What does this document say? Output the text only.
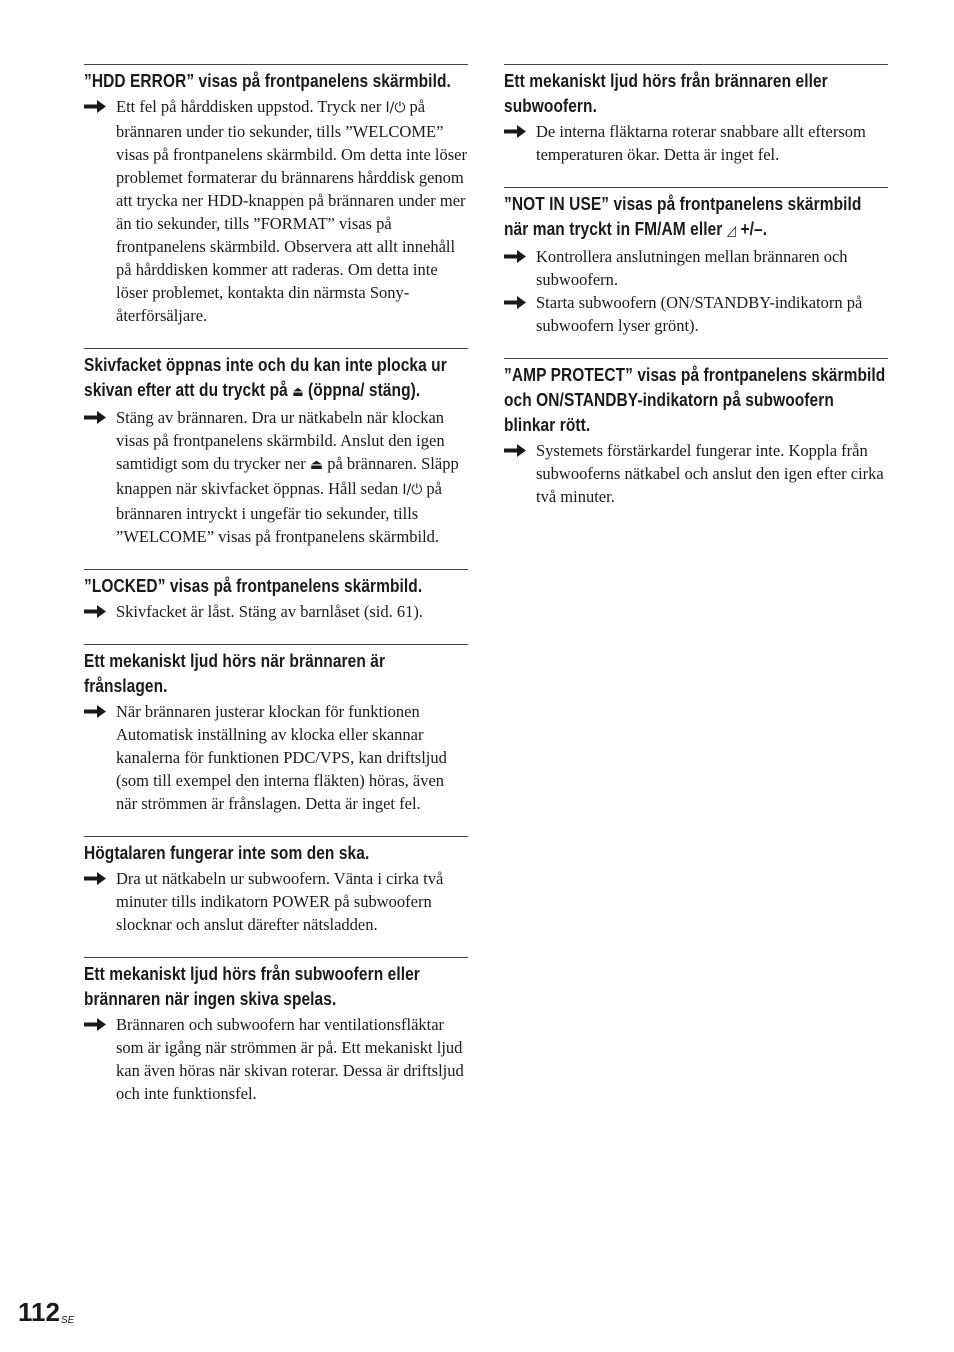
”HDD ERROR” visas på frontpanelens skärmbild.

Ett fel på hårddisken uppstod. Tryck ner I/⏻ på brännaren under tio sekunder, tills ”WELCOME” visas på frontpanelens skärmbild. Om detta inte löser problemet formaterar du brännarens hårddisk genom att trycka ner HDD-knappen på brännaren under mer än tio sekunder, tills ”FORMAT” visas på frontpanelens skärmbild. Observera att allt innehåll på hårddisken kommer att raderas. Om detta inte löser problemet, kontakta din närmsta Sony-återförsäljare.

Skivfacket öppnas inte och du kan inte plocka ur skivan efter att du tryckt på ⏏ (öppna/ stäng).

Stäng av brännaren. Dra ur nätkabeln när klockan visas på frontpanelens skärmbild. Anslut den igen samtidigt som du trycker ner ⏏ på brännaren. Släpp knappen när skivfacket öppnas. Håll sedan I/⏻ på brännaren intryckt i ungefär tio sekunder, tills ”WELCOME” visas på frontpanelens skärmbild.

”LOCKED” visas på frontpanelens skärmbild.

Skivfacket är låst. Stäng av barnlåset (sid. 61).

Ett mekaniskt ljud hörs när brännaren är frånslagen.

När brännaren justerar klockan för funktionen Automatisk inställning av klocka eller skannar kanalerna för funktionen PDC/VPS, kan driftsljud (som till exempel den interna fläkten) höras, även när strömmen är frånslagen. Detta är inget fel.

Högtalaren fungerar inte som den ska.

Dra ut nätkabeln ur subwoofern. Vänta i cirka två minuter tills indikatorn POWER på subwoofern slocknar och anslut därefter nätsladden.

Ett mekaniskt ljud hörs från subwoofern eller brännaren när ingen skiva spelas.

Brännaren och subwoofern har ventilationsfläktar som är igång när strömmen är på. Ett mekaniskt ljud kan även höras när skivan roterar. Dessa är driftsljud och inte funktionsfel.

Ett mekaniskt ljud hörs från brännaren eller subwoofern.

De interna fläktarna roterar snabbare allt eftersom temperaturen ökar. Detta är inget fel.

”NOT IN USE” visas på frontpanelens skärmbild när man tryckt in FM/AM eller ◿ +/–.

Kontrollera anslutningen mellan brännaren och subwoofern.

Starta subwoofern (ON/STANDBY-indikatorn på subwoofern lyser grönt).

”AMP PROTECT” visas på frontpanelens skärmbild och ON/STANDBY-indikatorn på subwoofern blinkar rött.

Systemets förstärkardel fungerar inte. Koppla från subwooferns nätkabel och anslut den igen efter cirka två minuter.

$112^{SE}$
